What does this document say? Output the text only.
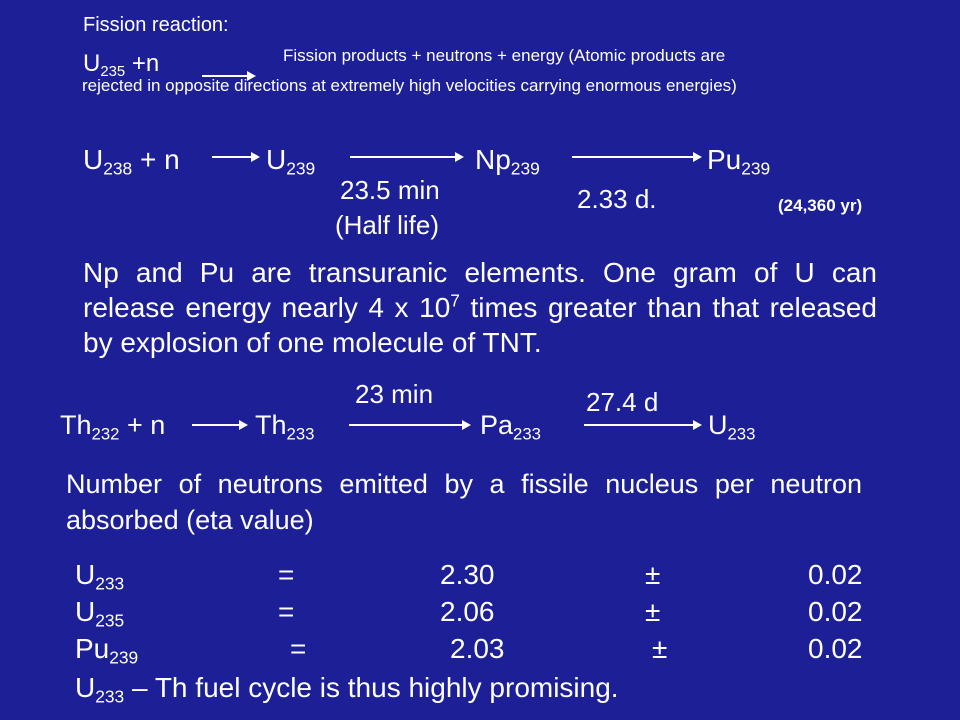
Fission reaction:
$U_{235} +n$	Fission products + neutrons + energy (Atomic products are
rejected in opposite directions at extremely high velocities carrying enormous energies)
$U_{238} + n \to U_{239}$	$Np_{239}$	$Pu_{239}$
23.5 min
(Half life)
2.33 d.	(24,360 yr)
Np and Pu are transuranic elements. One gram of U can release energy nearly 4 x $10^7$ times greater than that released by explosion of one molecule of TNT.
23 min	27.4 d
$Th_{232} + n \to Th_{233}$	$Pa_{233}$	$U_{233}$
Number of neutrons emitted by a fissile nucleus per neutron absorbed (eta value)
$U_{233}$	=	2.30	±	0.02
$U_{235}$	=	2.06	±	0.02
$Pu_{239}$	=	2.03	±	0.02
$U_{233}$ – Th fuel cycle is thus highly promising.
